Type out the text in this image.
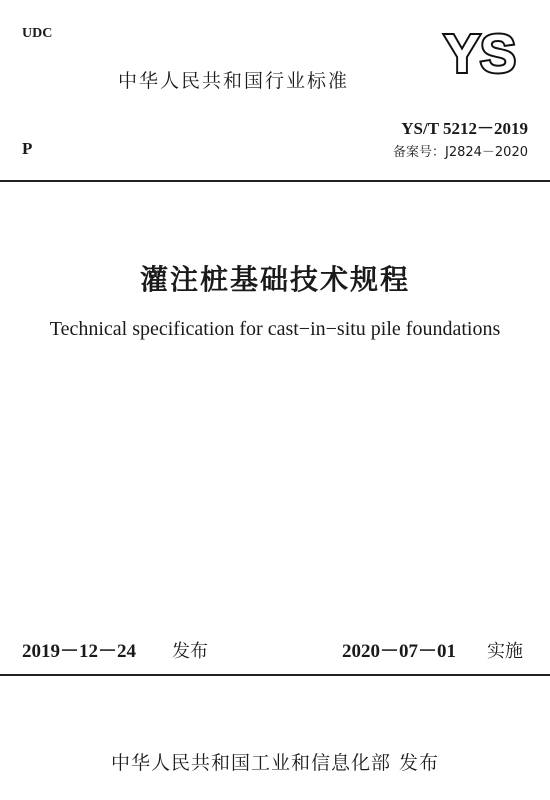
UDC
中华人民共和国行业标准 YS
YS/T 5212－2019
备案号：J2824－2020
P
灌注桩基础技术规程
Technical specification for cast−in−situ pile foundations
2019－12－24 发布	2020－07－01 实施
中华人民共和国工业和信息化部 发布
